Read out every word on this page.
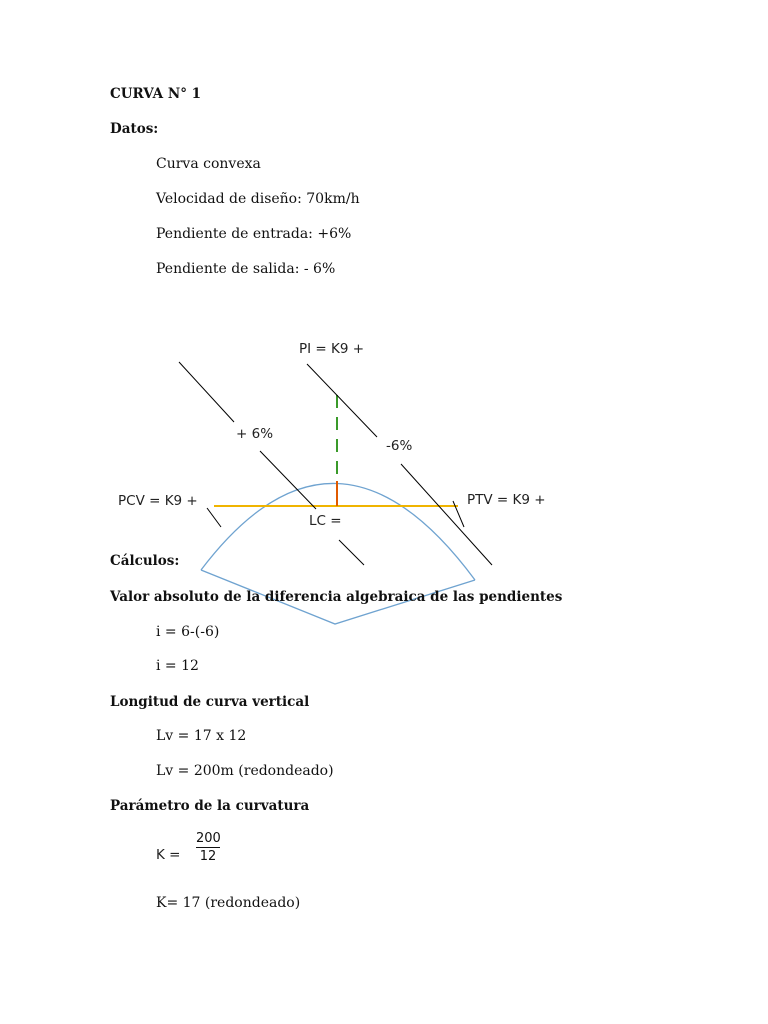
CURVA N° 1
Datos:
Curva convexa
Velocidad de diseño: 70km/h
Pendiente de entrada: +6%
Pendiente de salida: - 6%
PI = K9 +
+ 6%
-6%
PCV = K9 +	PTV = K9 +
LC =
Cálculos:
Valor absoluto de la diferencia algebraica de las pendientes
i = 6-(-6)
i = 12
Longitud de curva vertical
Lv = 17 x 12
Lv = 200m (redondeado)
Parámetro de la curvatura
$K = \frac{200}{12}$
K= 17 (redondeado)
